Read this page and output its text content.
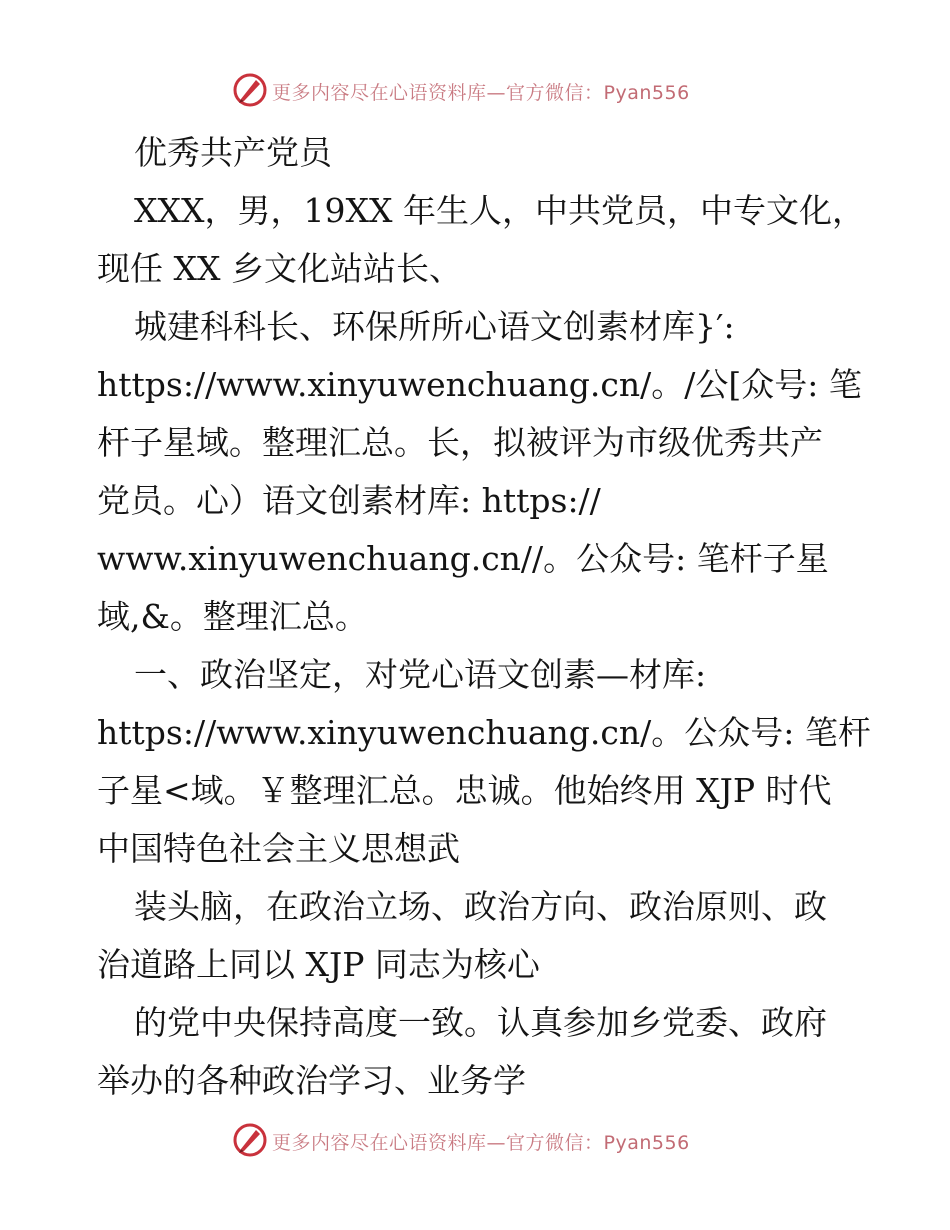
更多内容尽在心语资料库—官方微信：Pyan556
优秀共产党员
XXX，男，19XX 年生人，中共党员，中专文化，
现任 XX 乡文化站站长、
城建科科长、环保所所心语文创素材库}′:
https://www.xinyuwenchuang.cn/。/公[众号: 笔
杆子星域。整理汇总。长，拟被评为市级优秀共产
党员。心）语文创素材库: https://
www.xinyuwenchuang.cn//。公众号: 笔杆子星
域,&。整理汇总。
一、政治坚定，对党心语文创素—材库:
https://www.xinyuwenchuang.cn/。公众号: 笔杆
子星<域。￥整理汇总。忠诚。他始终用 XJP 时代
中国特色社会主义思想武
装头脑，在政治立场、政治方向、政治原则、政
治道路上同以 XJP 同志为核心
的党中央保持高度一致。认真参加乡党委、政府
举办的各种政治学习、业务学
更多内容尽在心语资料库—官方微信：Pyan556
